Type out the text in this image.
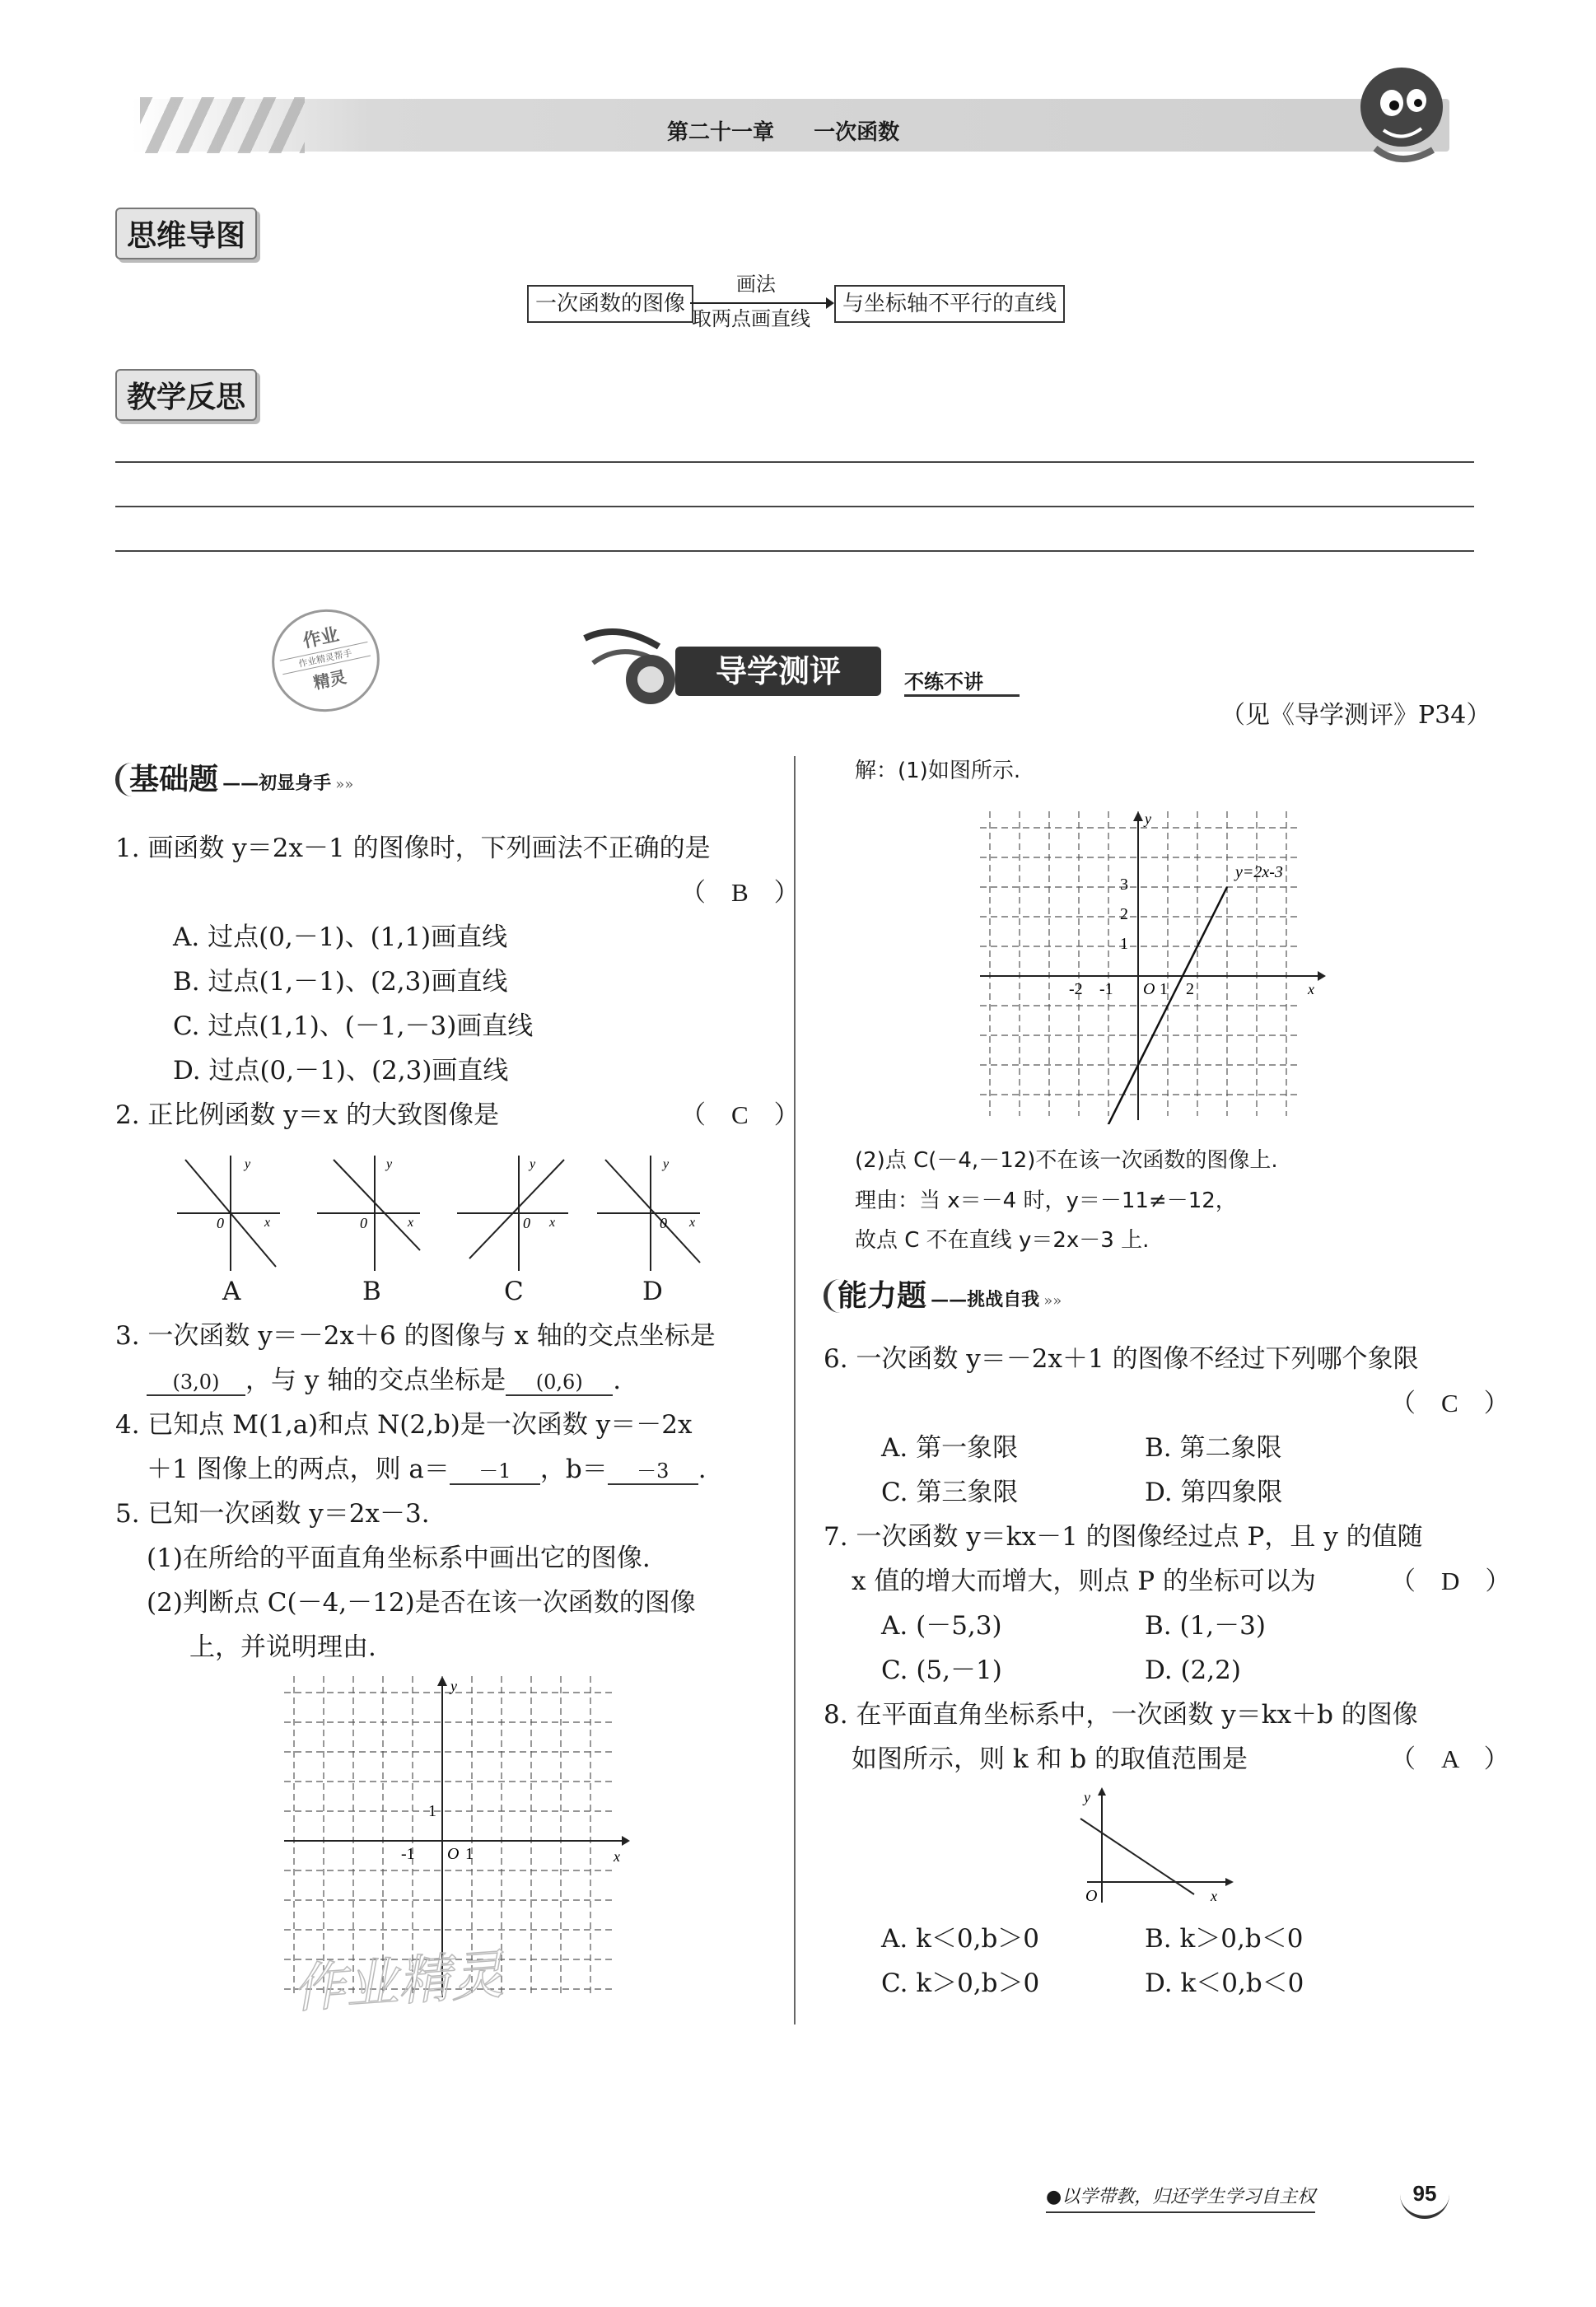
第二十一章 一次函数
思维导图
一次函数的图像
画法
取两点画直线
与坐标轴不平行的直线
教学反思
作业
作业精灵帮手
精灵	导学测评	不练不讲
（见《导学测评》P34）
基础题 ——初显身手 »»
1. 画函数 y＝2x－1 的图像时，下列画法不正确的是
（　B　）
A. 过点(0,－1)、(1,1)画直线
B. 过点(1,－1)、(2,3)画直线
C. 过点(1,1)、(－1,－3)画直线
D. 过点(0,－1)、(2,3)画直线
2. 正比例函数 y＝x 的大致图像是	（　C　）
y
x
0
y
x
0
y
x
0
y
x
0
A	B	C	D
3. 一次函数 y＝－2x＋6 的图像与 x 轴的交点坐标是
(3,0) ，与 y 轴的交点坐标是 (0,6) .
4. 已知点 M(1,a)和点 N(2,b)是一次函数 y＝－2x
＋1 图像上的两点，则 a＝ －1 ，b＝ －3 .
5. 已知一次函数 y＝2x－3.
(1)在所给的平面直角坐标系中画出它的图像.
(2)判断点 C(－4,－12)是否在该一次函数的图像
上，并说明理由.
y
x
-1 O 1
1
作业精灵
解：(1)如图所示.
y=2x-3
y
x
3
2
1
-2 -1 O 1 2
(2)点 C(－4,－12)不在该一次函数的图像上.
理由：当 x＝－4 时，y＝－11≠－12，
故点 C 不在直线 y＝2x－3 上.
能力题 ——挑战自我 »»
6. 一次函数 y＝－2x＋1 的图像不经过下列哪个象限
（　C　）
A. 第一象限	B. 第二象限
C. 第三象限	D. 第四象限
7. 一次函数 y＝kx－1 的图像经过点 P，且 y 的值随
x 值的增大而增大，则点 P 的坐标可以为	（　D　）
A. (－5,3)	B. (1,－3)
C. (5,－1)	D. (2,2)
8. 在平面直角坐标系中，一次函数 y＝kx＋b 的图像
如图所示，则 k 和 b 的取值范围是	（　A　）
y
x
O
A. k＜0,b＞0	B. k＞0,b＜0
C. k＞0,b＞0	D. k＜0,b＜0
●以学带教，归还学生学习自主权	95
